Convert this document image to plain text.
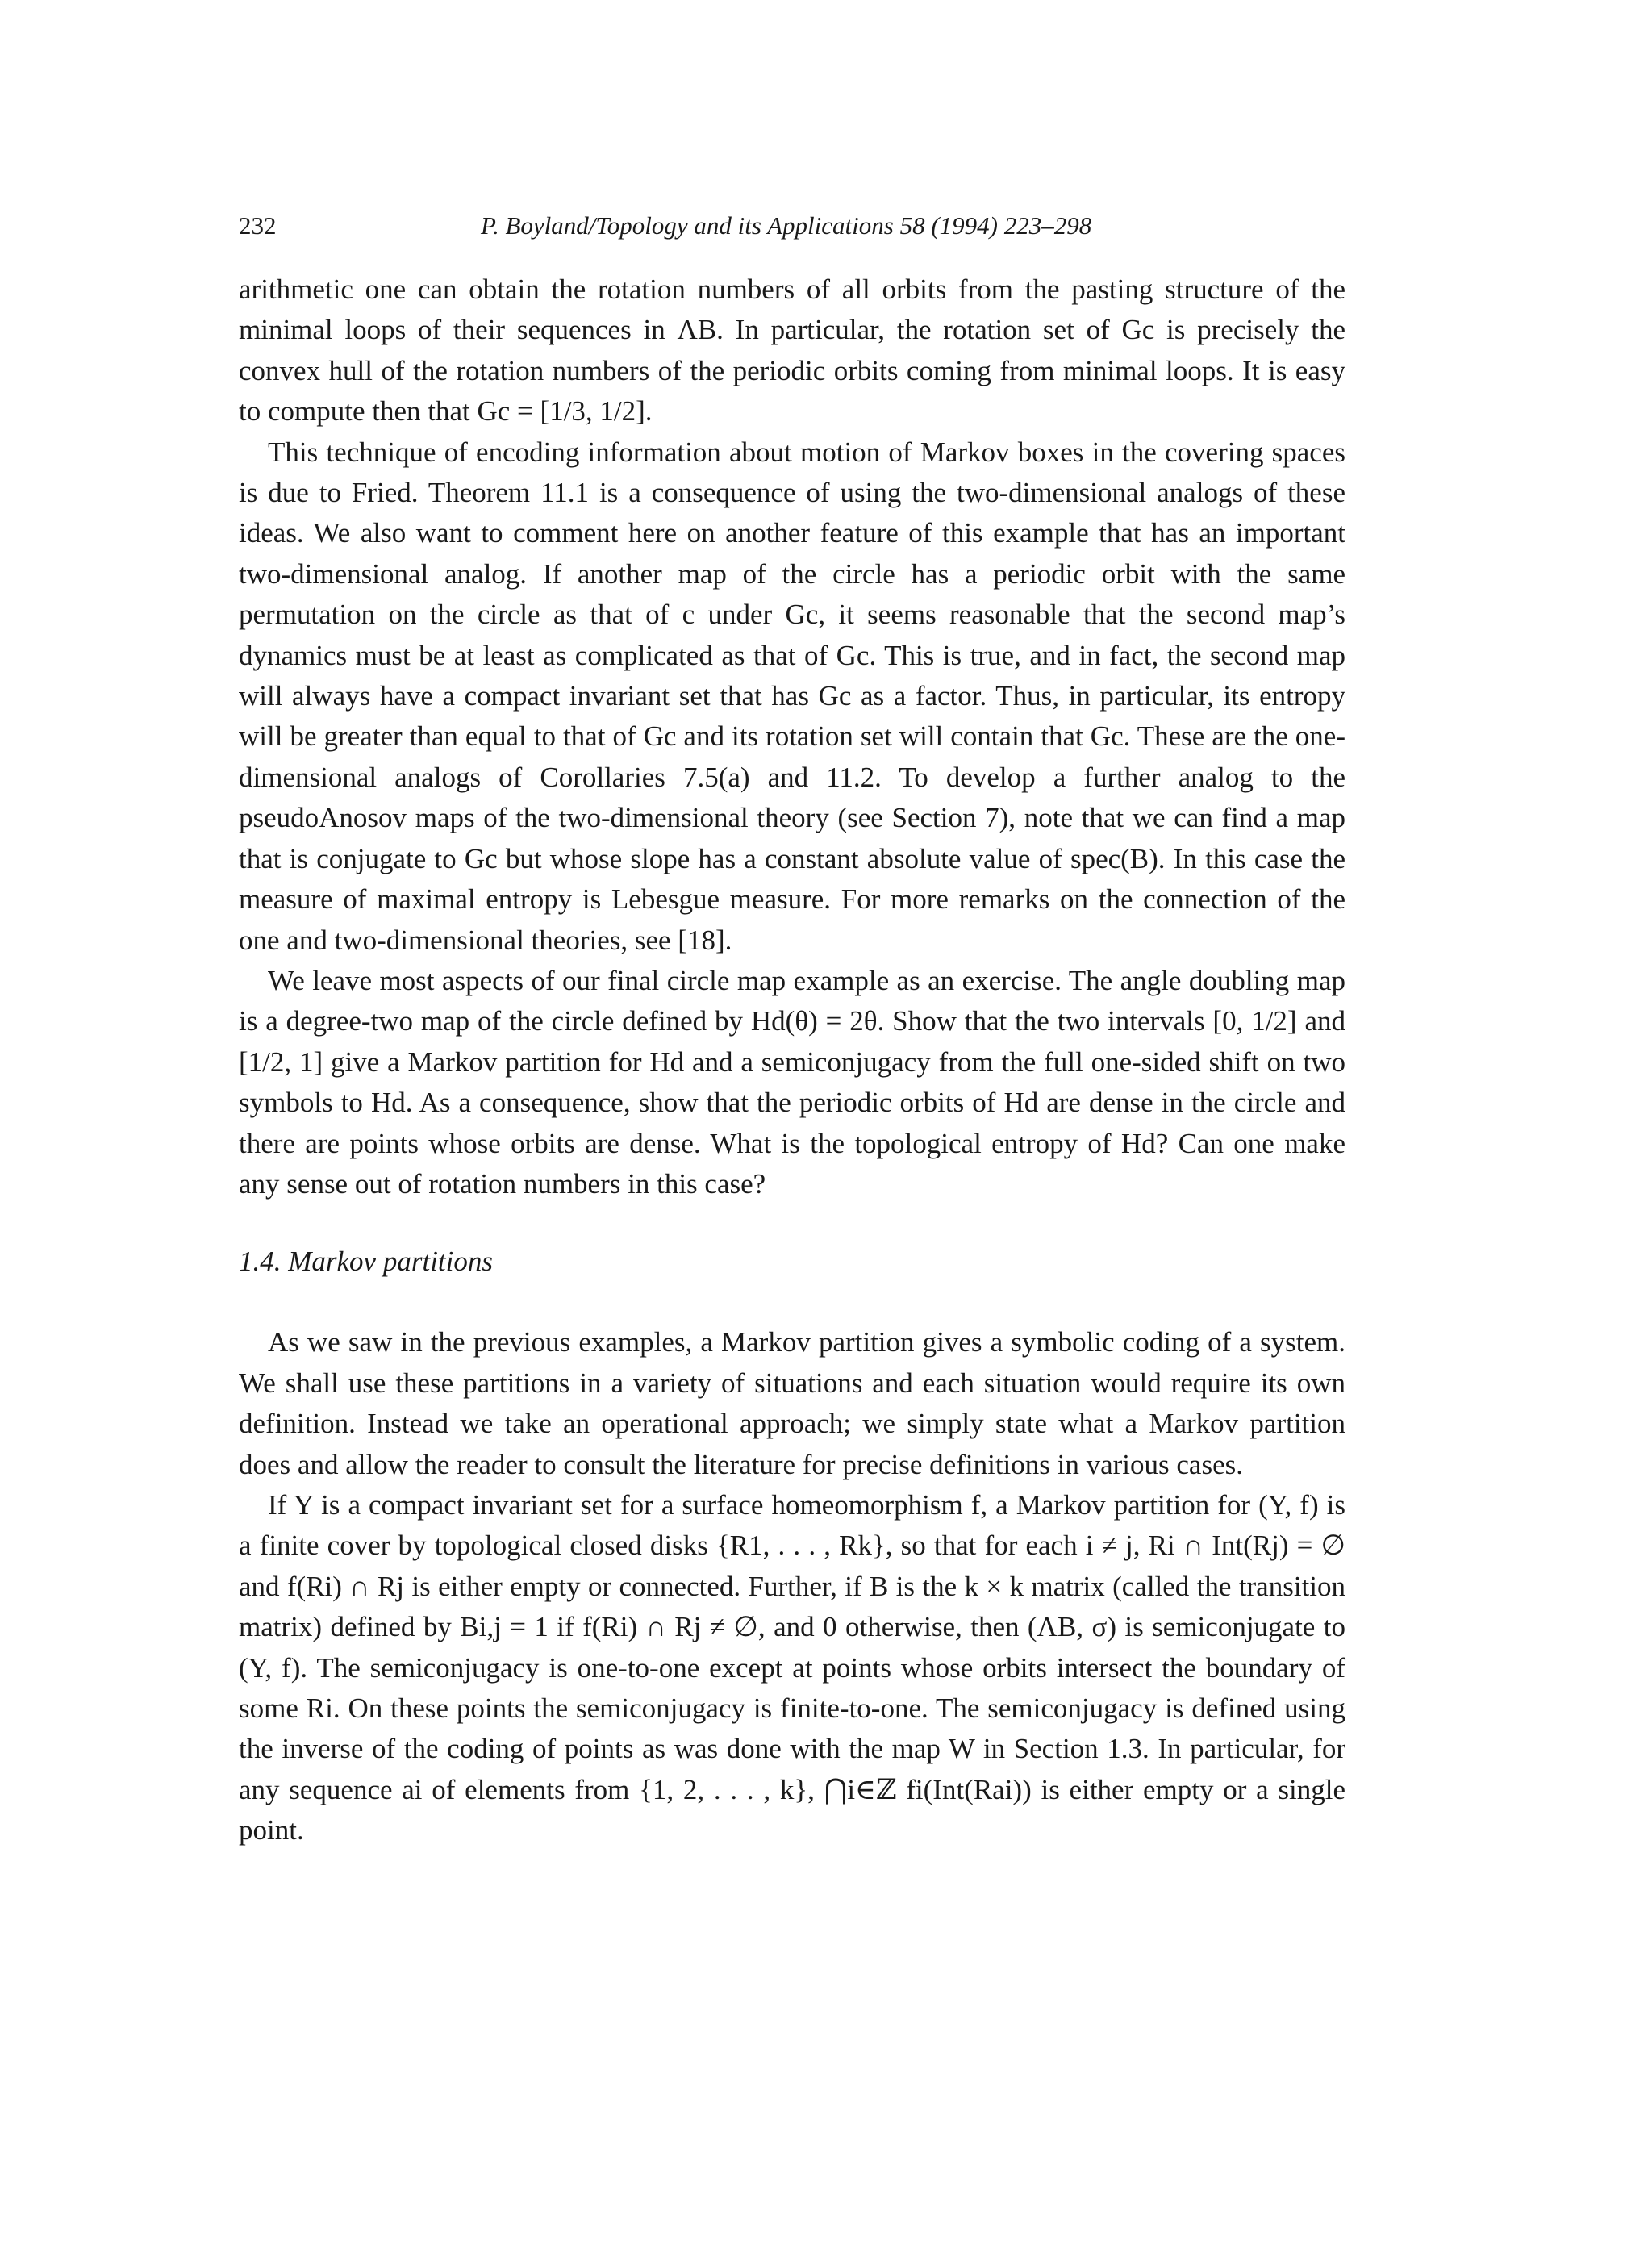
232	P. Boyland/Topology and its Applications 58 (1994) 223–298

arithmetic one can obtain the rotation numbers of all orbits from the pasting structure of the minimal loops of their sequences in ΛB. In particular, the rotation set of Gc is precisely the convex hull of the rotation numbers of the periodic orbits coming from minimal loops. It is easy to compute then that Gc = [1/3, 1/2].

This technique of encoding information about motion of Markov boxes in the covering spaces is due to Fried. Theorem 11.1 is a consequence of using the two-dimensional analogs of these ideas. We also want to comment here on another feature of this example that has an important two-dimensional analog. If another map of the circle has a periodic orbit with the same permutation on the circle as that of c under Gc, it seems reasonable that the second map’s dynamics must be at least as complicated as that of Gc. This is true, and in fact, the second map will always have a compact invariant set that has Gc as a factor. Thus, in particular, its entropy will be greater than equal to that of Gc and its rotation set will contain that Gc. These are the one-dimensional analogs of Corollaries 7.5(a) and 11.2. To develop a further analog to the pseudoAnosov maps of the two-dimensional theory (see Section 7), note that we can find a map that is conjugate to Gc but whose slope has a constant absolute value of spec(B). In this case the measure of maximal entropy is Lebesgue measure. For more remarks on the connection of the one and two-dimensional theories, see [18].

We leave most aspects of our final circle map example as an exercise. The angle doubling map is a degree-two map of the circle defined by Hd(θ) = 2θ. Show that the two intervals [0, 1/2] and [1/2, 1] give a Markov partition for Hd and a semiconjugacy from the full one-sided shift on two symbols to Hd. As a consequence, show that the periodic orbits of Hd are dense in the circle and there are points whose orbits are dense. What is the topological entropy of Hd? Can one make any sense out of rotation numbers in this case?

1.4. Markov partitions

As we saw in the previous examples, a Markov partition gives a symbolic coding of a system. We shall use these partitions in a variety of situations and each situation would require its own definition. Instead we take an operational approach; we simply state what a Markov partition does and allow the reader to consult the literature for precise definitions in various cases.

If Y is a compact invariant set for a surface homeomorphism f, a Markov partition for (Y, f) is a finite cover by topological closed disks {R1, . . . , Rk}, so that for each i ≠ j, Ri ∩ Int(Rj) = ∅ and f(Ri) ∩ Rj is either empty or connected. Further, if B is the k × k matrix (called the transition matrix) defined by Bi,j = 1 if f(Ri) ∩ Rj ≠ ∅, and 0 otherwise, then (ΛB, σ) is semiconjugate to (Y, f). The semiconjugacy is one-to-one except at points whose orbits intersect the boundary of some Ri. On these points the semiconjugacy is finite-to-one. The semiconjugacy is defined using the inverse of the coding of points as was done with the map W in Section 1.3. In particular, for any sequence ai of elements from {1, 2, . . . , k}, ⋂i∈ℤ fi(Int(Rai)) is either empty or a single point.
